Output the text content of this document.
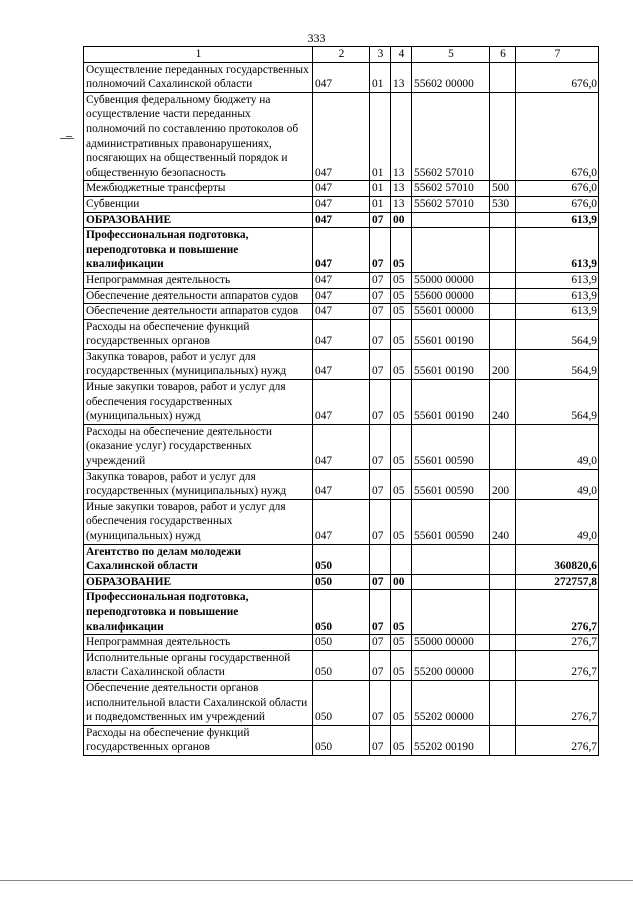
333
1	2	3	4	5	6	7
Осуществление переданных государственных полномочий Сахалинской области	047	01	13	55602 00000		676,0
Субвенция федеральному бюджету на осуществление части переданных полномочий по составлению протоколов об административных правонарушениях, посягающих на общественный порядок и общественную безопасность	047	01	13	55602 57010		676,0
Межбюджетные трансферты	047	01	13	55602 57010	500	676,0
Субвенции	047	01	13	55602 57010	530	676,0
ОБРАЗОВАНИЕ	047	07	00			613,9
Профессиональная подготовка, переподготовка и повышение квалификации	047	07	05			613,9
Непрограммная деятельность	047	07	05	55000 00000		613,9
Обеспечение деятельности аппаратов судов	047	07	05	55600 00000		613,9
Обеспечение деятельности аппаратов судов	047	07	05	55601 00000		613,9
Расходы на обеспечение функций государственных органов	047	07	05	55601 00190		564,9
Закупка товаров, работ и услуг для государственных (муниципальных) нужд	047	07	05	55601 00190	200	564,9
Иные закупки товаров, работ и услуг для обеспечения государственных (муниципальных) нужд	047	07	05	55601 00190	240	564,9
Расходы на обеспечение деятельности (оказание услуг) государственных учреждений	047	07	05	55601 00590		49,0
Закупка товаров, работ и услуг для государственных (муниципальных) нужд	047	07	05	55601 00590	200	49,0
Иные закупки товаров, работ и услуг для обеспечения государственных (муниципальных) нужд	047	07	05	55601 00590	240	49,0
Агентство по делам молодежи Сахалинской области	050					360820,6
ОБРАЗОВАНИЕ	050	07	00			272757,8
Профессиональная подготовка, переподготовка и повышение квалификации	050	07	05			276,7
Непрограммная деятельность	050	07	05	55000 00000		276,7
Исполнительные органы государственной власти Сахалинской области	050	07	05	55200 00000		276,7
Обеспечение деятельности органов исполнительной власти Сахалинской области и подведомственных им учреждений	050	07	05	55202 00000		276,7
Расходы на обеспечение функций государственных органов	050	07	05	55202 00190		276,7
